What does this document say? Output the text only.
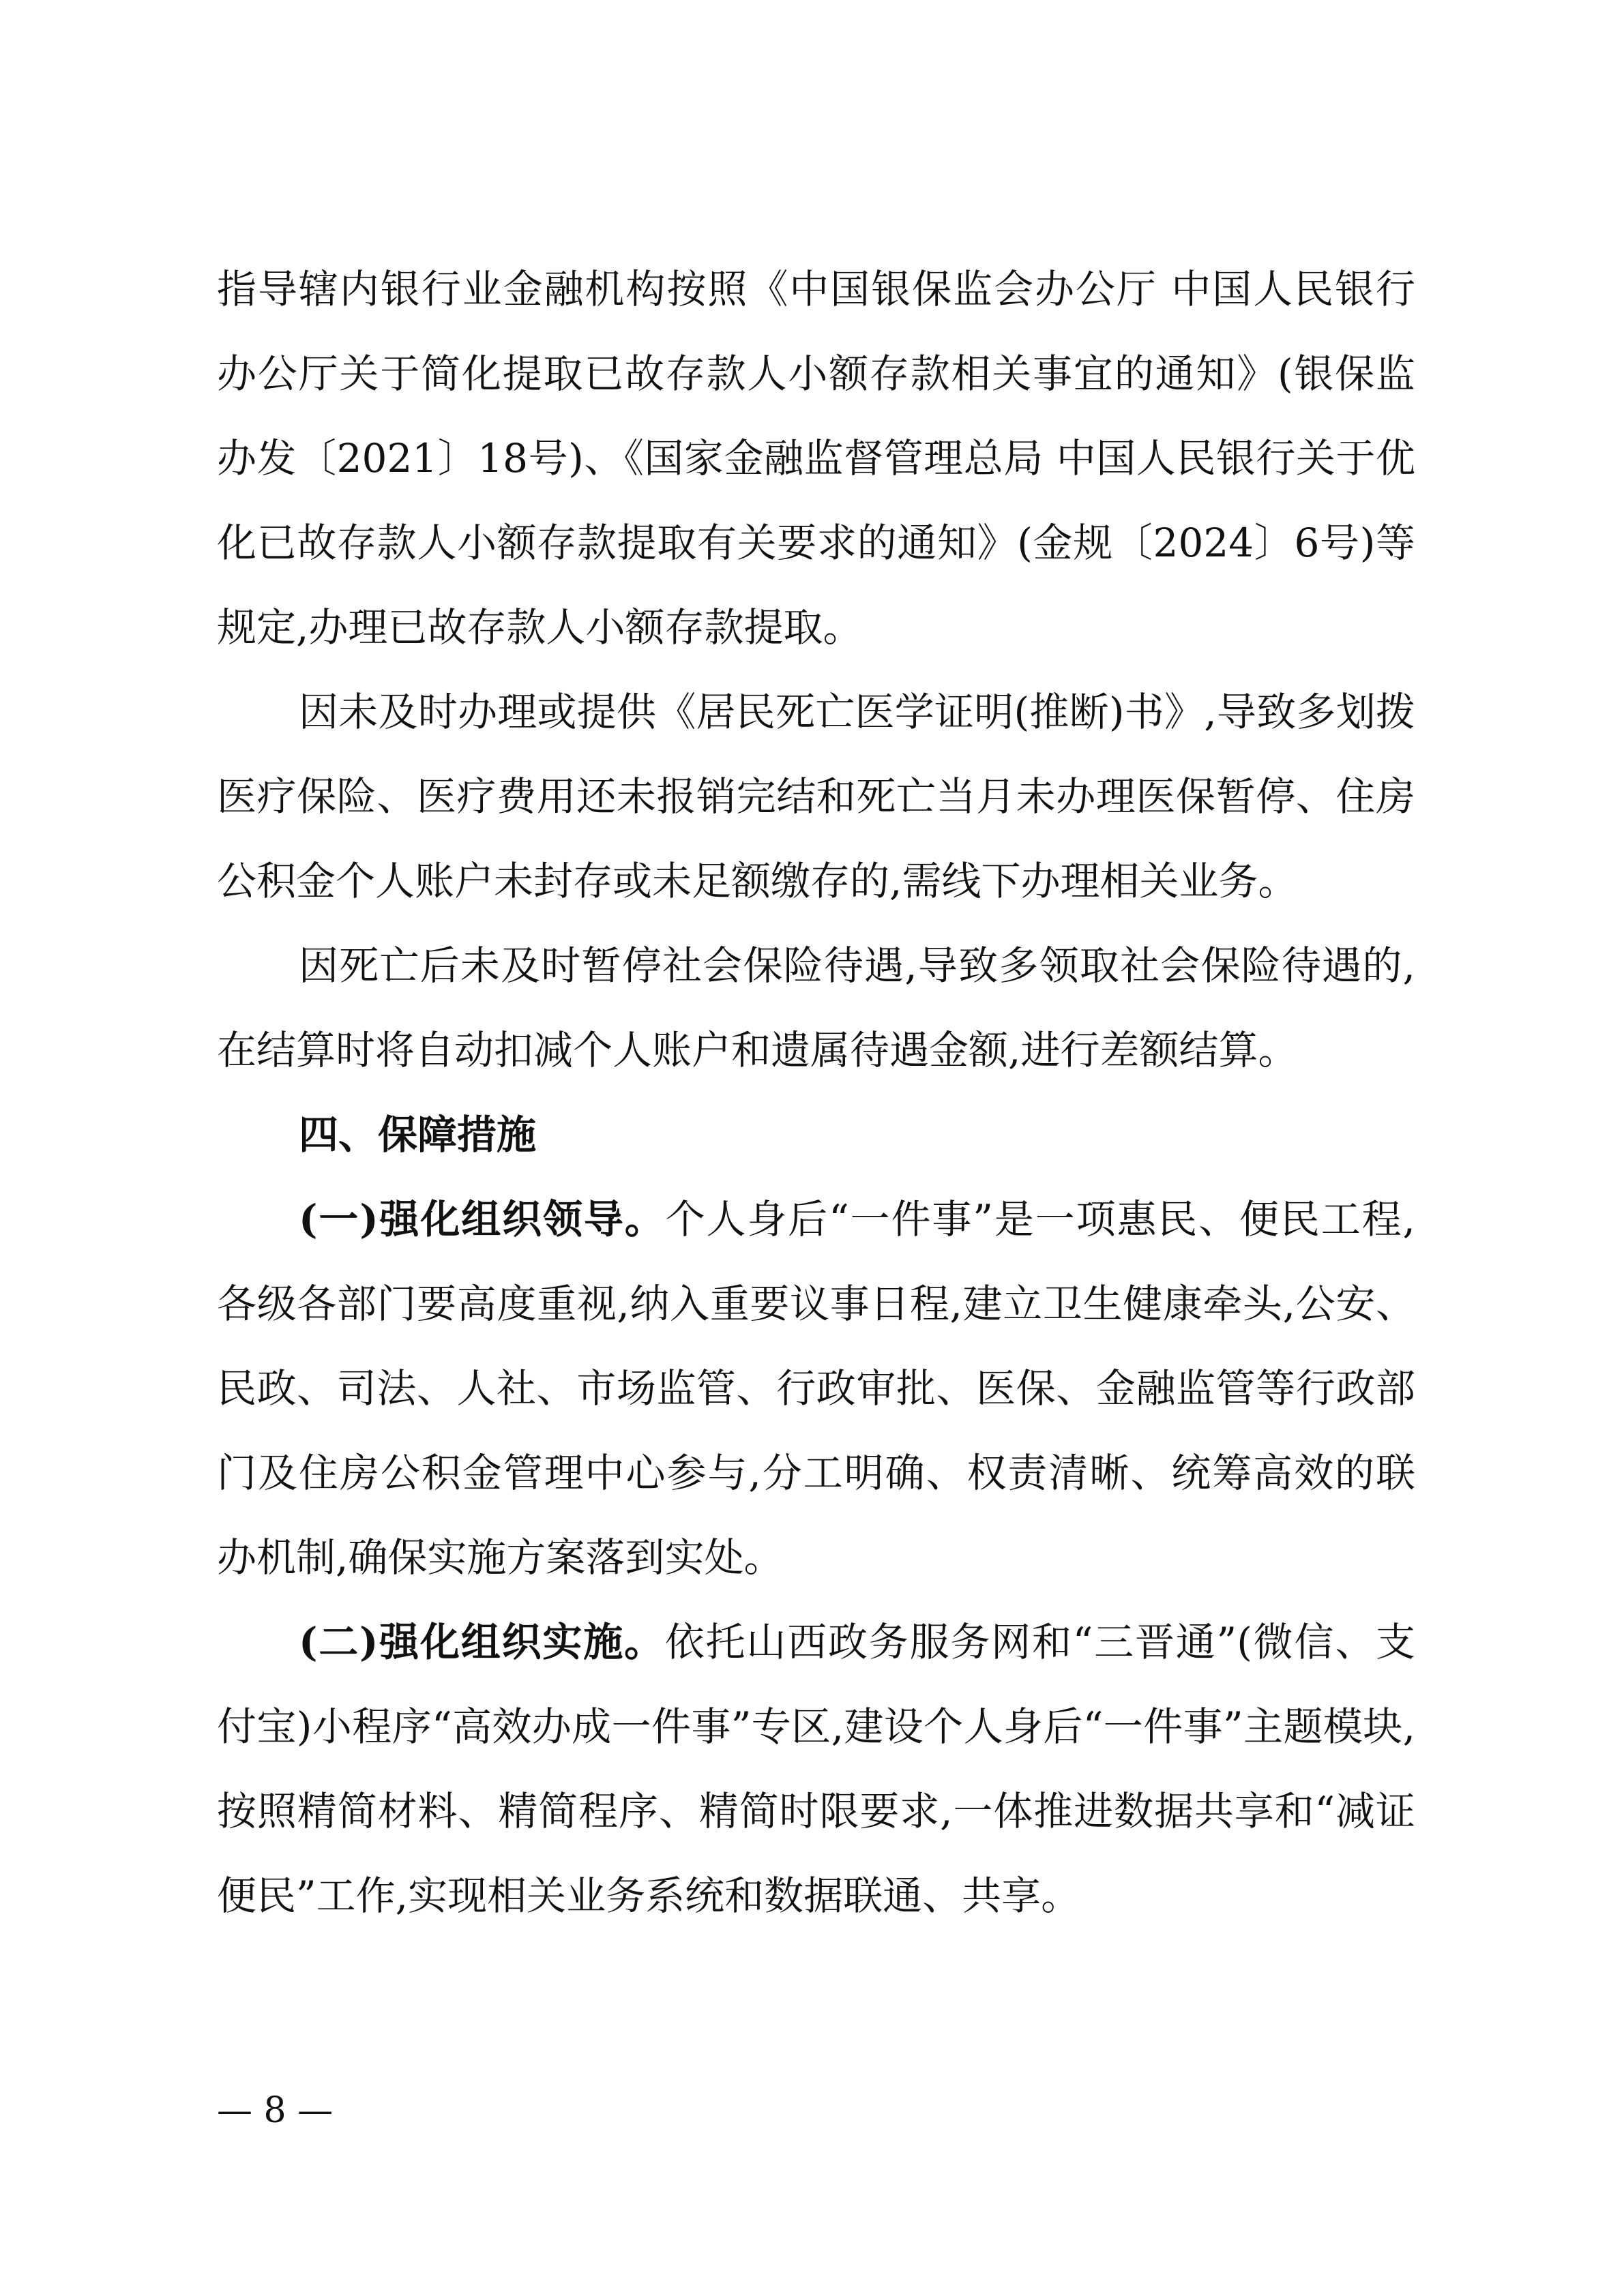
指导辖内银行业金融机构按照《中国银保监会办公厅 中国人民银行办公厅关于简化提取已故存款人小额存款相关事宜的通知》(银保监办发〔2021〕18号)、《国家金融监督管理总局 中国人民银行关于优化已故存款人小额存款提取有关要求的通知》(金规〔2024〕6号)等规定,办理已故存款人小额存款提取。

因未及时办理或提供《居民死亡医学证明(推断)书》,导致多划拨医疗保险、医疗费用还未报销完结和死亡当月未办理医保暂停、住房公积金个人账户未封存或未足额缴存的,需线下办理相关业务。

因死亡后未及时暂停社会保险待遇,导致多领取社会保险待遇的,在结算时将自动扣减个人账户和遗属待遇金额,进行差额结算。

四、保障措施

(一)强化组织领导。个人身后“一件事”是一项惠民、便民工程,各级各部门要高度重视,纳入重要议事日程,建立卫生健康牵头,公安、民政、司法、人社、市场监管、行政审批、医保、金融监管等行政部门及住房公积金管理中心参与,分工明确、权责清晰、统筹高效的联办机制,确保实施方案落到实处。

(二)强化组织实施。依托山西政务服务网和“三晋通”(微信、支付宝)小程序“高效办成一件事”专区,建设个人身后“一件事”主题模块,按照精简材料、精简程序、精简时限要求,一体推进数据共享和“减证便民”工作,实现相关业务系统和数据联通、共享。

— 8 —
